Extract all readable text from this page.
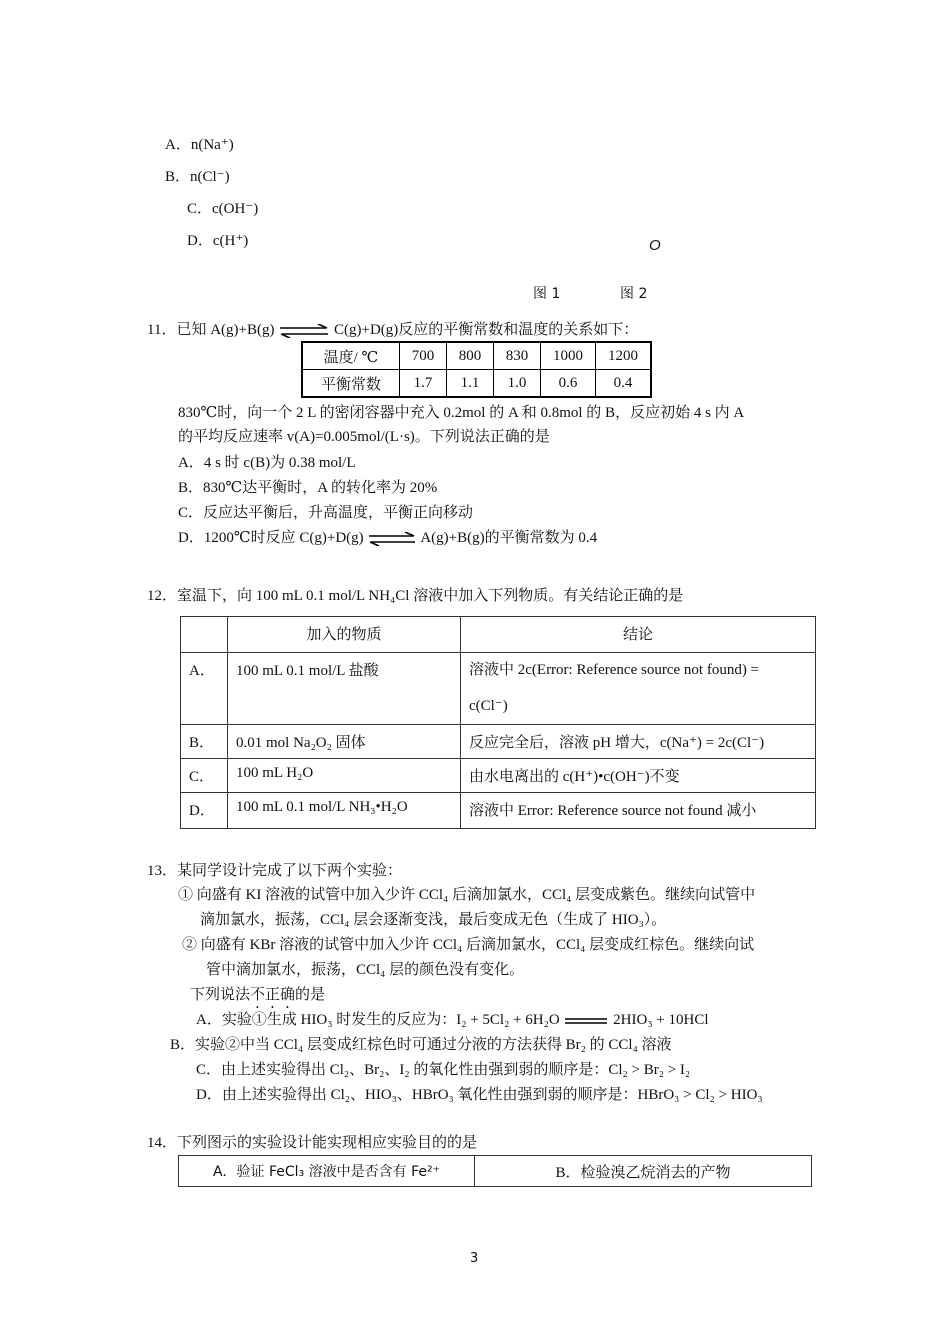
A．n(Na⁺)
B．n(Cl⁻)
C．c(OH⁻)
D．c(H⁺)	O
图 1	图 2
11．已知 A(g)+B(g) ⇌ C(g)+D(g)反应的平衡常数和温度的关系如下：
温度/ ℃	700	800	830	1000	1200
平衡常数	1.7	1.1	1.0	0.6	0.4
830℃时，向一个 2 L 的密闭容器中充入 0.2mol 的 A 和 0.8mol 的 B，反应初始 4 s 内 A
的平均反应速率 v(A)=0.005mol/(L·s)。下列说法正确的是
A．4 s 时 c(B)为 0.38 mol/L
B．830℃达平衡时，A 的转化率为 20%
C．反应达平衡后，升高温度，平衡正向移动
D．1200℃时反应 C(g)+D(g) ⇌ A(g)+B(g)的平衡常数为 0.4
12．室温下，向 100 mL 0.1 mol/L NH₄Cl 溶液中加入下列物质。有关结论正确的是
	加入的物质	结论
A．	100 mL 0.1 mol/L 盐酸	溶液中 2c(Error: Reference source not found) =
c(Cl⁻)

B．	0.01 mol Na₂O₂ 固体	反应完全后，溶液 pH 增大，c(Na⁺) = 2c(Cl⁻)
C．	100 mL H₂O	由水电离出的 c(H⁺)•c(OH⁻)不变
D．	100 mL 0.1 mol/L NH₃•H₂O	溶液中 Error: Reference source not found 减小
13．某同学设计完成了以下两个实验：
① 向盛有 KI 溶液的试管中加入少许 CCl₄ 后滴加氯水，CCl₄ 层变成紫色。继续向试管中
滴加氯水，振荡，CCl₄ 层会逐渐变浅，最后变成无色（生成了 HIO₃）。
② 向盛有 KBr 溶液的试管中加入少许 CCl₄ 后滴加氯水，CCl₄ 层变成红棕色。继续向试
管中滴加氯水，振荡，CCl₄ 层的颜色没有变化。
下列说法不正确的是
A．实验①生成 HIO₃ 时发生的反应为：I₂ + 5Cl₂ + 6H₂O	2HIO₃ + 10HCl
B．实验②中当 CCl₄ 层变成红棕色时可通过分液的方法获得 Br₂ 的 CCl₄ 溶液
C．由上述实验得出 Cl₂、Br₂、I₂ 的氧化性由强到弱的顺序是：Cl₂ > Br₂ > I₂
D．由上述实验得出 Cl₂、HIO₃、HBrO₃ 氧化性由强到弱的顺序是：HBrO₃ > Cl₂ > HIO₃
14．下列图示的实验设计能实现相应实验目的的是
A．验证 FeCl₃ 溶液中是否含有 Fe²⁺	B．检验溴乙烷消去的产物
3
